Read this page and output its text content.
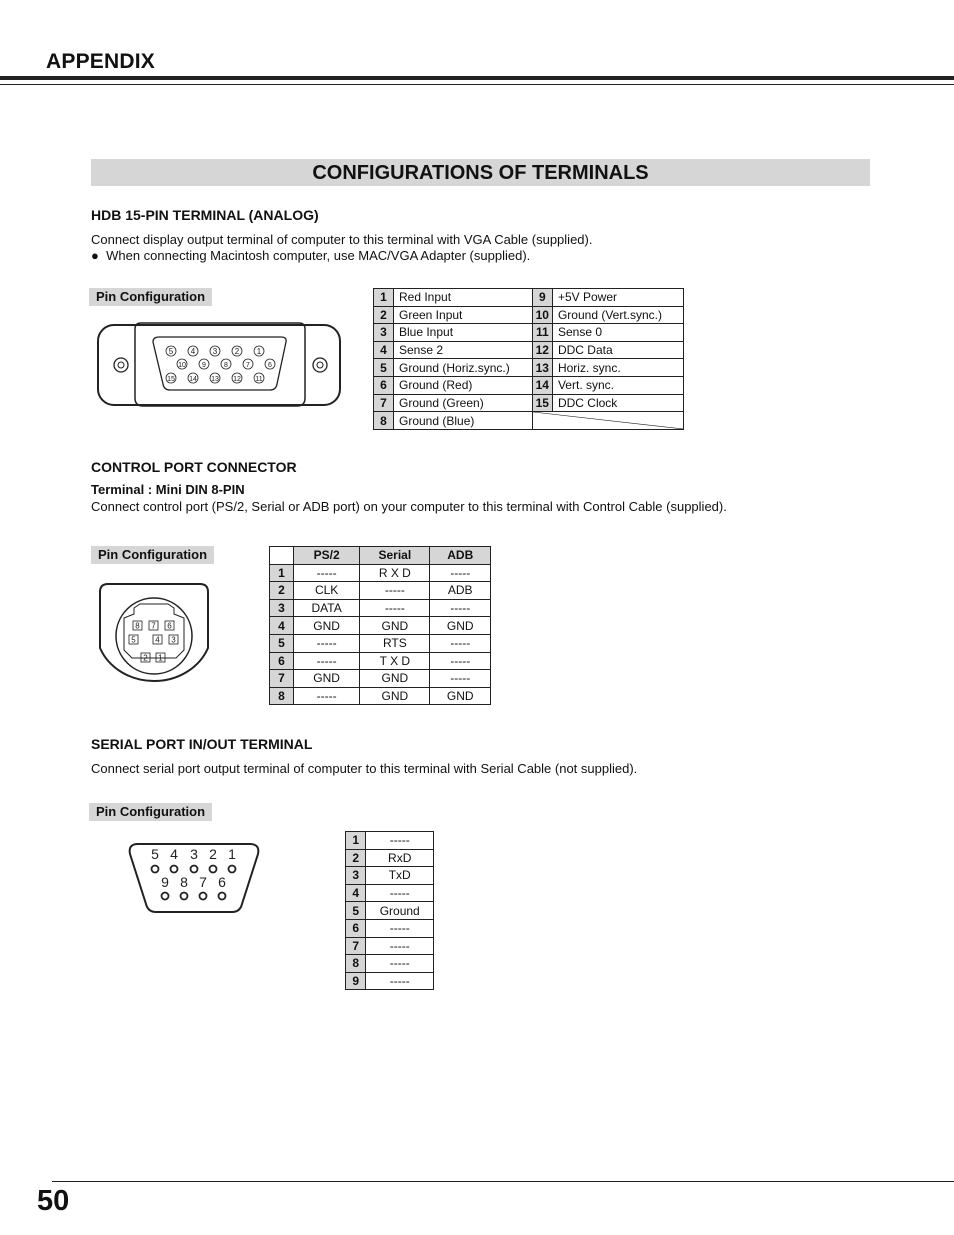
APPENDIX
CONFIGURATIONS OF TERMINALS
HDB 15-PIN TERMINAL (ANALOG)
Connect display output terminal of computer to this terminal with VGA Cable (supplied).
● When connecting Macintosh computer, use MAC/VGA Adapter (supplied).
Pin Configuration
5 4 3 2 1
10 9	8	7	6
15 14 13 12 11
1	Red Input	9	+5V Power
2	Green Input	10	Ground (Vert.sync.)
3	Blue Input	11	Sense 0
4	Sense 2	12	DDC Data
5	Ground (Horiz.sync.)	13	Horiz. sync.
6	Ground (Red)	14	Vert. sync.
7	Ground (Green)	15	DDC Clock
8	Ground (Blue)	
CONTROL PORT CONNECTOR
Terminal : Mini DIN 8-PIN
Connect control port (PS/2, Serial or ADB port) on your computer to this terminal with Control Cable (supplied).
Pin Configuration
8 7 6
5 4 3
2 1
	PS/2	Serial	ADB
1	-----	R X D	-----
2	CLK	-----	ADB
3	DATA	-----	-----
4	GND	GND	GND
5	-----	RTS	-----
6	-----	T X D	-----
7	GND	GND	-----
8	-----	GND	GND
SERIAL PORT IN/OUT TERMINAL
Connect serial port output terminal of computer to this terminal with Serial Cable (not supplied).
Pin Configuration
5 4 3 2 1
9 8 7 6
1	-----
2	RxD
3	TxD
4	-----
5	Ground
6	-----
7	-----
8	-----
9	-----
50
